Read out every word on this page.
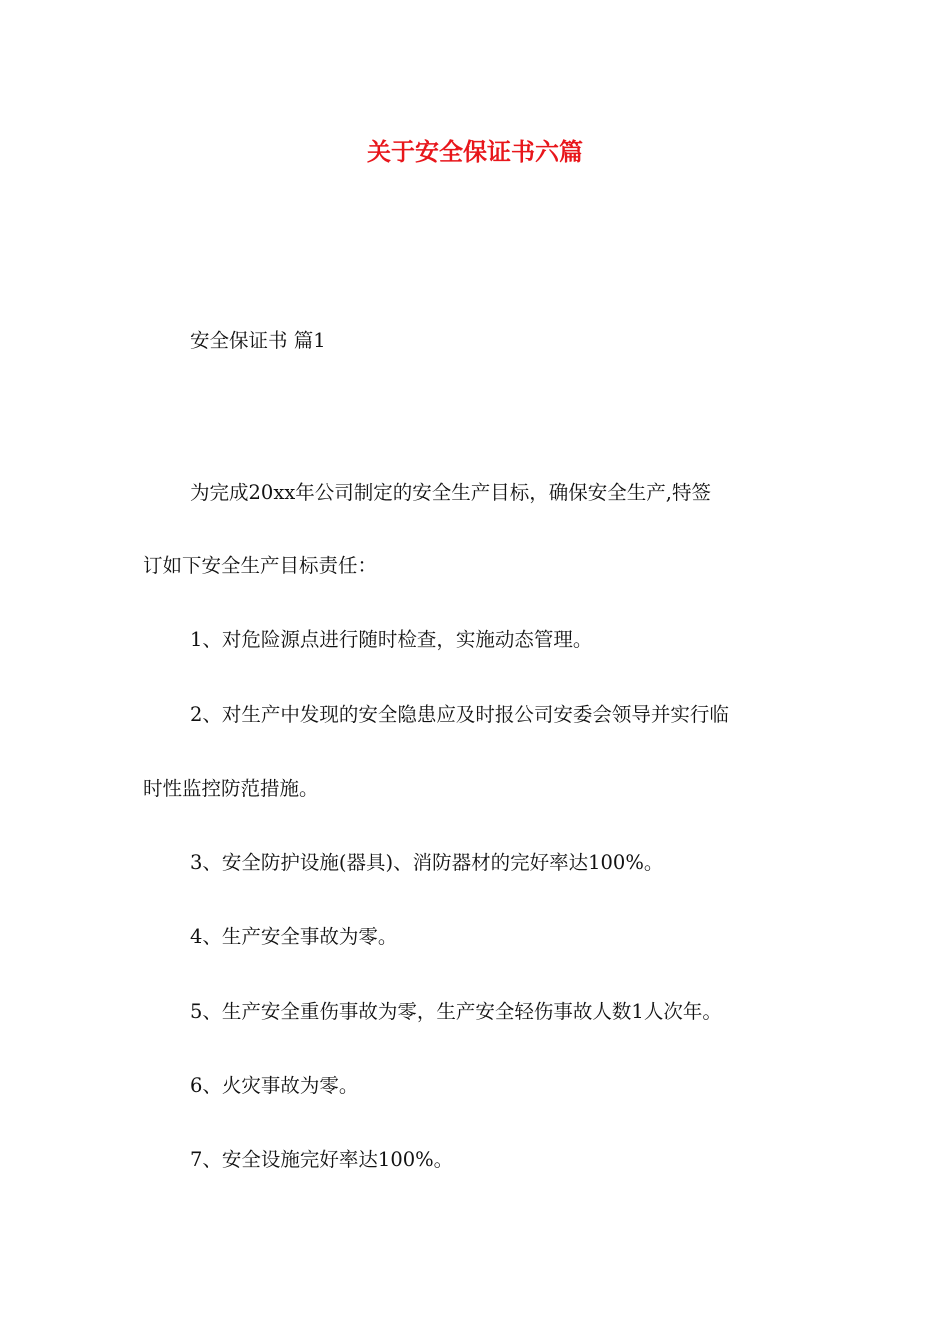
关于安全保证书六篇
安全保证书 篇1
为完成20xx年公司制定的安全生产目标，确保安全生产,特签
订如下安全生产目标责任：
1、对危险源点进行随时检查，实施动态管理。
2、对生产中发现的安全隐患应及时报公司安委会领导并实行临
时性监控防范措施。
3、安全防护设施(器具)、消防器材的完好率达100%。
4、生产安全事故为零。
5、生产安全重伤事故为零，生产安全轻伤事故人数1人次年。
6、火灾事故为零。
7、安全设施完好率达100%。
